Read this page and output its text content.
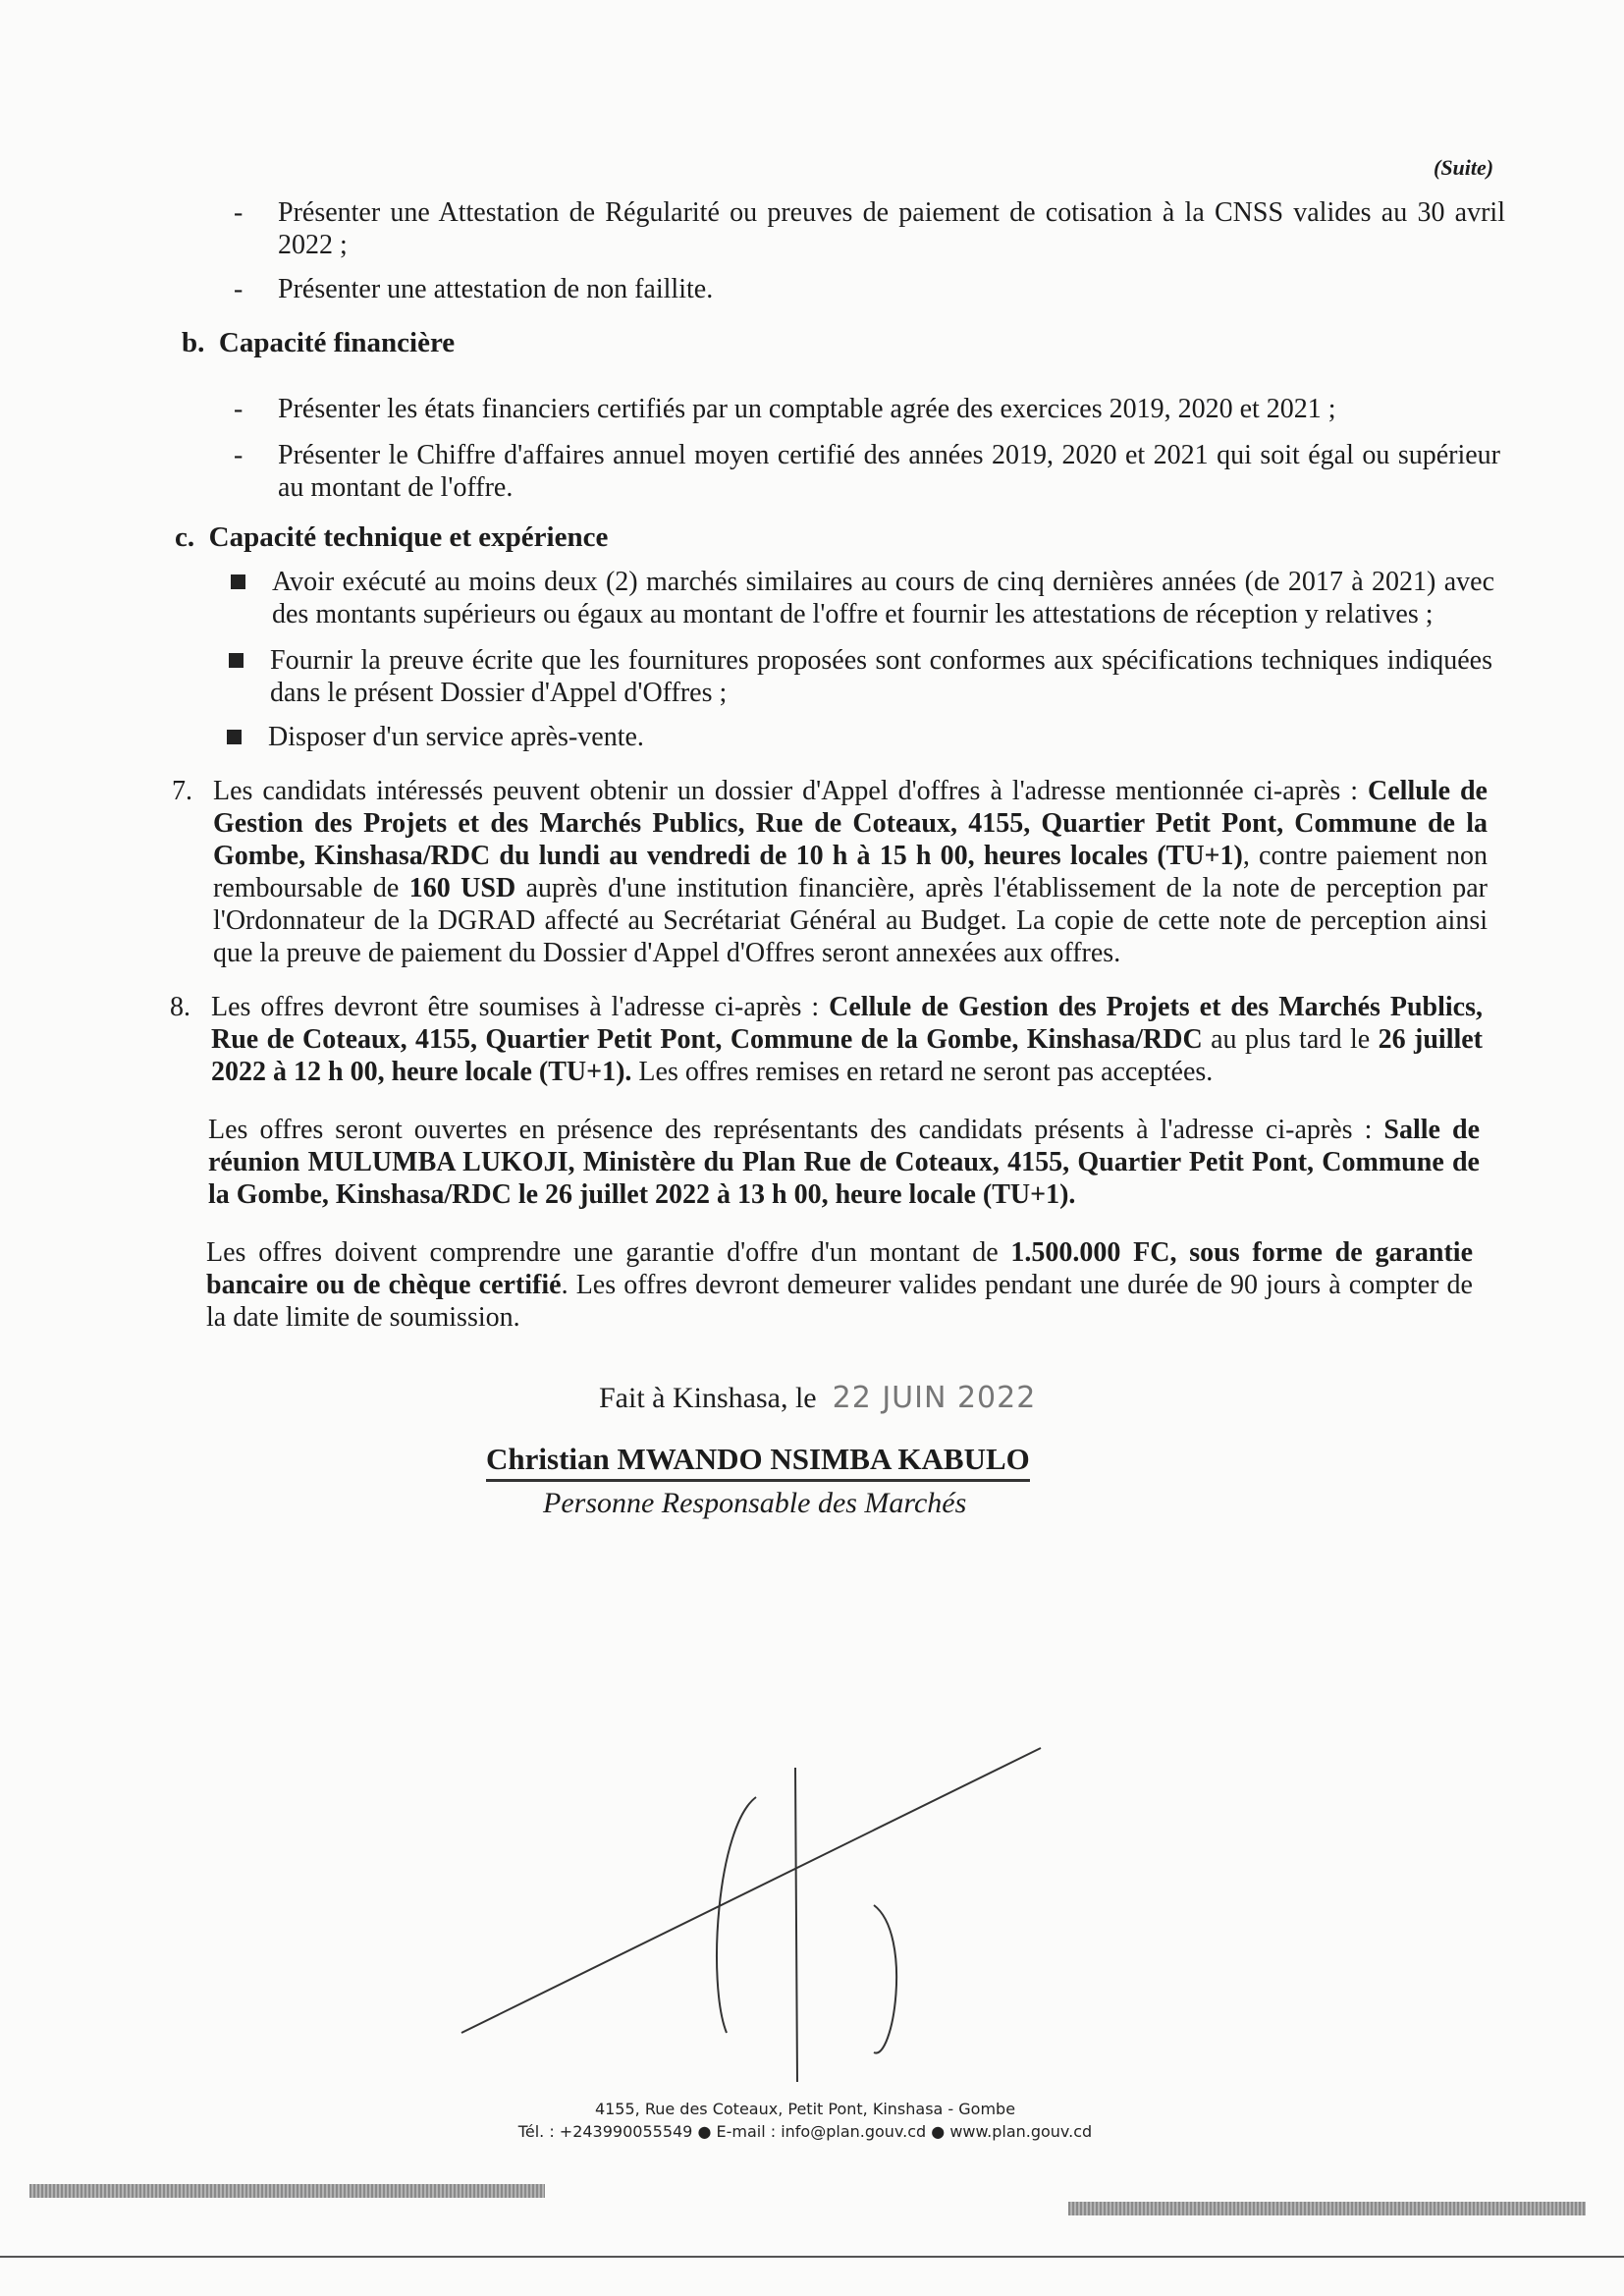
(Suite)
- Présenter une Attestation de Régularité ou preuves de paiement de cotisation à la CNSS valides au 30 avril 2022 ;
- Présenter une attestation de non faillite.
b. Capacité financière
- Présenter les états financiers certifiés par un comptable agrée des exercices 2019, 2020 et 2021 ;
- Présenter le Chiffre d'affaires annuel moyen certifié des années 2019, 2020 et 2021 qui soit égal ou supérieur au montant de l'offre.
c. Capacité technique et expérience
Avoir exécuté au moins deux (2) marchés similaires au cours de cinq dernières années (de 2017 à 2021) avec des montants supérieurs ou égaux au montant de l'offre et fournir les attestations de réception y relatives ;
Fournir la preuve écrite que les fournitures proposées sont conformes aux spécifications techniques indiquées dans le présent Dossier d'Appel d'Offres ;
Disposer d'un service après-vente.
7. Les candidats intéressés peuvent obtenir un dossier d'Appel d'offres à l'adresse mentionnée ci-après : Cellule de Gestion des Projets et des Marchés Publics, Rue de Coteaux, 4155, Quartier Petit Pont, Commune de la Gombe, Kinshasa/RDC du lundi au vendredi de 10 h à 15 h 00, heures locales (TU+1), contre paiement non remboursable de 160 USD auprès d'une institution financière, après l'établissement de la note de perception par l'Ordonnateur de la DGRAD affecté au Secrétariat Général au Budget. La copie de cette note de perception ainsi que la preuve de paiement du Dossier d'Appel d'Offres seront annexées aux offres.
8. Les offres devront être soumises à l'adresse ci-après : Cellule de Gestion des Projets et des Marchés Publics, Rue de Coteaux, 4155, Quartier Petit Pont, Commune de la Gombe, Kinshasa/RDC au plus tard le 26 juillet 2022 à 12 h 00, heure locale (TU+1). Les offres remises en retard ne seront pas acceptées.
Les offres seront ouvertes en présence des représentants des candidats présents à l'adresse ci-après : Salle de réunion MULUMBA LUKOJI, Ministère du Plan Rue de Coteaux, 4155, Quartier Petit Pont, Commune de la Gombe, Kinshasa/RDC le 26 juillet 2022 à 13 h 00, heure locale (TU+1).
Les offres doivent comprendre une garantie d'offre d'un montant de 1.500.000 FC, sous forme de garantie bancaire ou de chèque certifié. Les offres devront demeurer valides pendant une durée de 90 jours à compter de la date limite de soumission.
Fait à Kinshasa, le 22 JUIN 2022
Christian MWANDO NSIMBA KABULO
Personne Responsable des Marchés
4155, Rue des Coteaux, Petit Pont, Kinshasa - Gombe
Tél. : +243990055549 ● E-mail : info@plan.gouv.cd ● www.plan.gouv.cd
